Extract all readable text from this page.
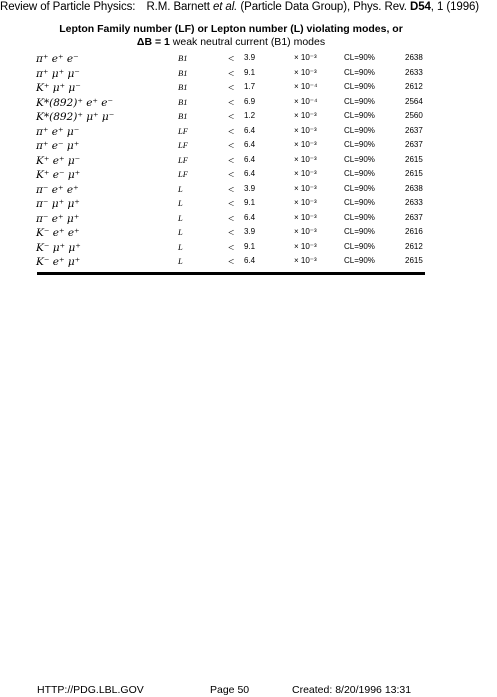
Review of Particle Physics: R.M. Barnett et al. (Particle Data Group), Phys. Rev. D54, 1 (1996)
Lepton Family number (LF) or Lepton number (L) violating modes, or
ΔB = 1 weak neutral current (B1) modes
π⁺ e⁺ e⁻	B1	< 3.9	× 10⁻³	CL=90%	2638
π⁺ μ⁺ μ⁻	B1	< 9.1	× 10⁻³	CL=90%	2633
K⁺ μ⁺ μ⁻	B1	< 1.7	× 10⁻⁴	CL=90%	2612
K*(892)⁺ e⁺ e⁻	B1	< 6.9	× 10⁻⁴	CL=90%	2564
K*(892)⁺ μ⁺ μ⁻	B1	< 1.2	× 10⁻³	CL=90%	2560
π⁺ e⁺ μ⁻	LF	< 6.4	× 10⁻³	CL=90%	2637
π⁺ e⁻ μ⁺	LF	< 6.4	× 10⁻³	CL=90%	2637
K⁺ e⁺ μ⁻	LF	< 6.4	× 10⁻³	CL=90%	2615
K⁺ e⁻ μ⁺	LF	< 6.4	× 10⁻³	CL=90%	2615
π⁻ e⁺ e⁺	L	< 3.9	× 10⁻³	CL=90%	2638
π⁻ μ⁺ μ⁺	L	< 9.1	× 10⁻³	CL=90%	2633
π⁻ e⁺ μ⁺	L	< 6.4	× 10⁻³	CL=90%	2637
K⁻ e⁺ e⁺	L	< 3.9	× 10⁻³	CL=90%	2616
K⁻ μ⁺ μ⁺	L	< 9.1	× 10⁻³	CL=90%	2612
K⁻ e⁺ μ⁺	L	< 6.4	× 10⁻³	CL=90%	2615
HTTP://PDG.LBL.GOV	Page 50	Created: 8/20/1996 13:31
